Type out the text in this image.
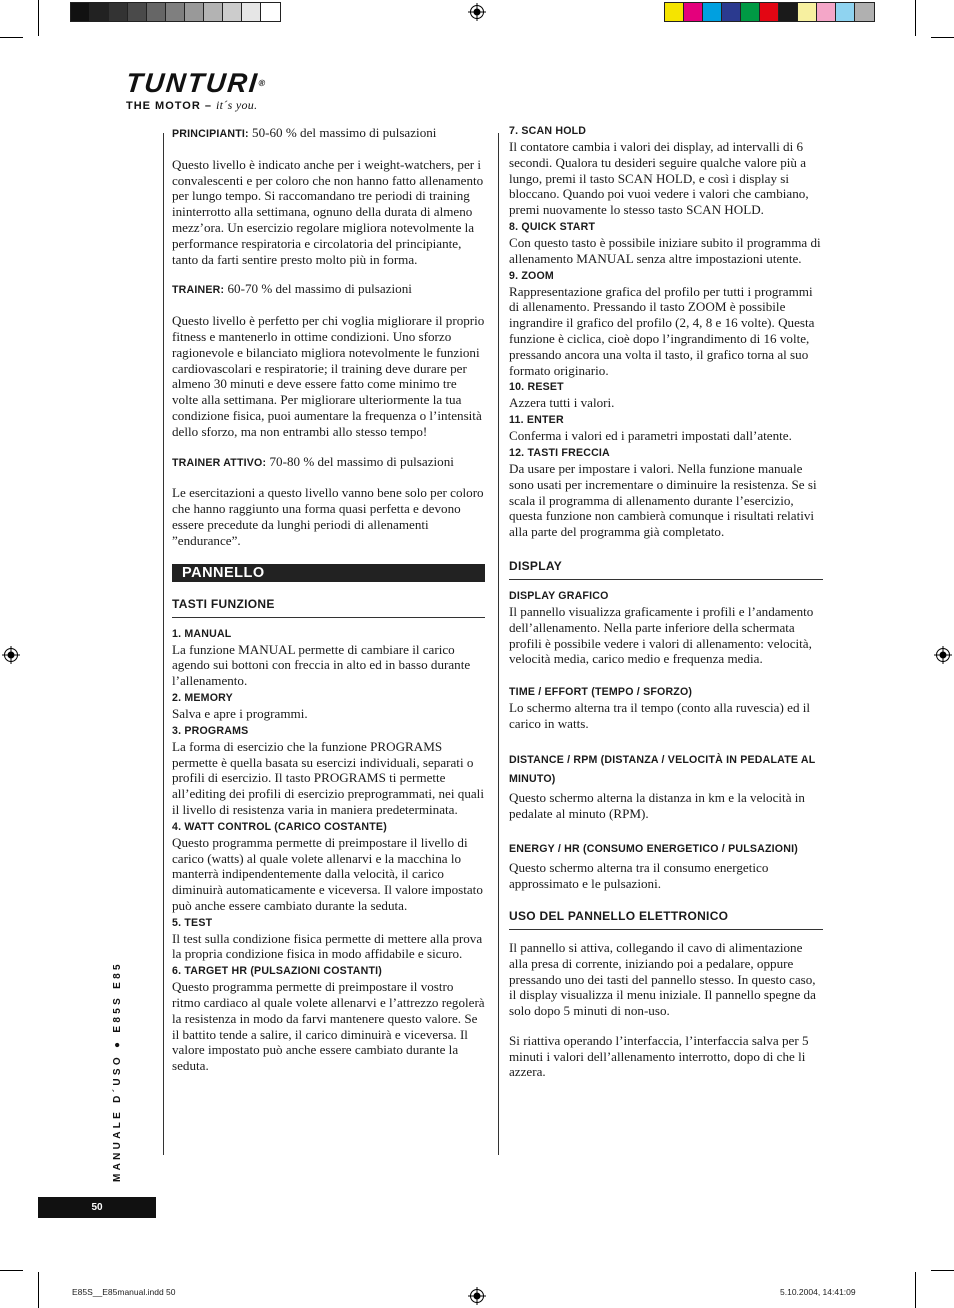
TUNTURI®
THE MOTOR – it´s you.

PRINCIPIANTI: 50-60 % del massimo di pulsazioni

Questo livello è indicato anche per i weight-watchers, per i convalescenti e per coloro che non hanno fatto allenamento per lungo tempo. Si raccomandano tre periodi di training ininterrotto alla settimana, ognuno della durata di almeno mezz’ora. Un esercizio regolare migliora notevolmente la performance respiratoria e circolatoria del principiante, tanto da farti sentire presto molto più in forma.

TRAINER: 60-70 % del massimo di pulsazioni

Questo livello è perfetto per chi voglia migliorare il proprio fitness e mantenerlo in ottime condizioni. Uno sforzo ragionevole e bilanciato migliora notevolmente le funzioni cardiovascolari e respiratorie; il training deve durare per almeno 30 minuti e deve essere fatto come minimo tre volte alla settimana. Per migliorare ulteriormente la tua condizione fisica, puoi aumentare la frequenza o l’intensità dello sforzo, ma non entrambi allo stesso tempo!

TRAINER ATTIVO: 70-80 % del massimo di pulsazioni

Le esercitazioni a questo livello vanno bene solo per coloro che hanno raggiunto una forma quasi perfetta e devono essere precedute da lunghi periodi di allenamenti ”endurance”.

PANNELLO
TASTI FUNZIONE
1. MANUAL

La funzione MANUAL permette di cambiare il carico agendo sui bottoni con freccia in alto ed in basso durante l’allenamento.

2. MEMORY

Salva e apre i programmi.

3. PROGRAMS

La forma di esercizio che la funzione PROGRAMS permette è quella basata su esercizi individuali, separati o profili di esercizio. Il tasto PROGRAMS ti permette all’editing dei profili di esercizio preprogrammati, nei quali il livello di resistenza varia in maniera predeterminata.

4. WATT CONTROL (CARICO COSTANTE)

Questo programma permette di preimpostare il livello di carico (watts) al quale volete allenarvi e la macchina lo manterrà indipendentemente dalla velocità, il carico diminuirà automaticamente e viceversa. Il valore impostato può anche essere cambiato durante la seduta.

5. TEST

Il test sulla condizione fisica permette di mettere alla prova la propria condizione fisica in modo affidabile e sicuro.

6. TARGET HR (PULSAZIONI COSTANTI)

Questo programma permette di preimpostare il vostro ritmo cardiaco al quale volete allenarvi e l’attrezzo regolerà la resistenza in modo da farvi mantenere questo valore. Se il battito tende a salire, il carico diminuirà e viceversa. Il valore impostato può anche essere cambiato durante la seduta.

7. SCAN HOLD

Il contatore cambia i valori dei display, ad intervalli di 6 secondi. Qualora tu desideri seguire qualche valore più a lungo, premi il tasto SCAN HOLD, e così i display si bloccano. Quando poi vuoi vedere i valori che cambiano, premi nuovamente lo stesso tasto SCAN HOLD.

8. QUICK START

Con questo tasto è possibile iniziare subito il programma di allenamento MANUAL senza altre impostazioni utente.

9. ZOOM

Rappresentazione grafica del profilo per tutti i programmi di allenamento. Pressando il tasto ZOOM è possibile ingrandire il grafico del profilo (2, 4, 8 e 16 volte). Questa funzione è ciclica, cioè dopo l’ingrandimento di 16 volte, pressando ancora una volta il tasto, il grafico torna al suo formato originario.

10. RESET

Azzera tutti i valori.

11. ENTER

Conferma i valori ed i parametri impostati dall’atente.

12. TASTI FRECCIA

Da usare per impostare i valori. Nella funzione manuale sono usati per incrementare o diminuire la resistenza. Se si scala il programma di allenamento durante l’esercizio, questa funzione non cambierà comunque i risultati relativi alla parte del programma già completato.

DISPLAY
DISPLAY GRAFICO

Il pannello visualizza graficamente i profili e l’andamento dell’allenamento. Nella parte inferiore della schermata profili è possibile vedere i valori di allenamento: velocità, velocità media, carico medio e frequenza media.

TIME / EFFORT (TEMPO / SFORZO)

Lo schermo alterna tra il tempo (conto alla ruvescia) ed il carico in watts.

DISTANCE / RPM (DISTANZA / VELOCITÀ IN PEDALATE AL MINUTO)

Questo schermo alterna la distanza in km e la velocità in pedalate al minuto (RPM).

ENERGY / HR (CONSUMO ENERGETICO / PULSAZIONI)

Questo schermo alterna tra il consumo energetico approssimato e le pulsazioni.

USO DEL PANNELLO ELETTRONICO

Il pannello si attiva, collegando il cavo di alimentazione alla presa di corrente, iniziando poi a pedalare, oppure pressando uno dei tasti del pannello stesso. In questo caso, il display visualizza il menu iniziale. Il pannello spegne da solo dopo 5 minuti di non-uso.

Si riattiva operando l’interfaccia, l’interfaccia salva per 5 minuti i valori dell’allenamento interrotto, dopo di che li azzera.

MANUALE D´USO ● E85S E85
50
E85S__E85manual.indd 50	5.10.2004, 14:41:09
